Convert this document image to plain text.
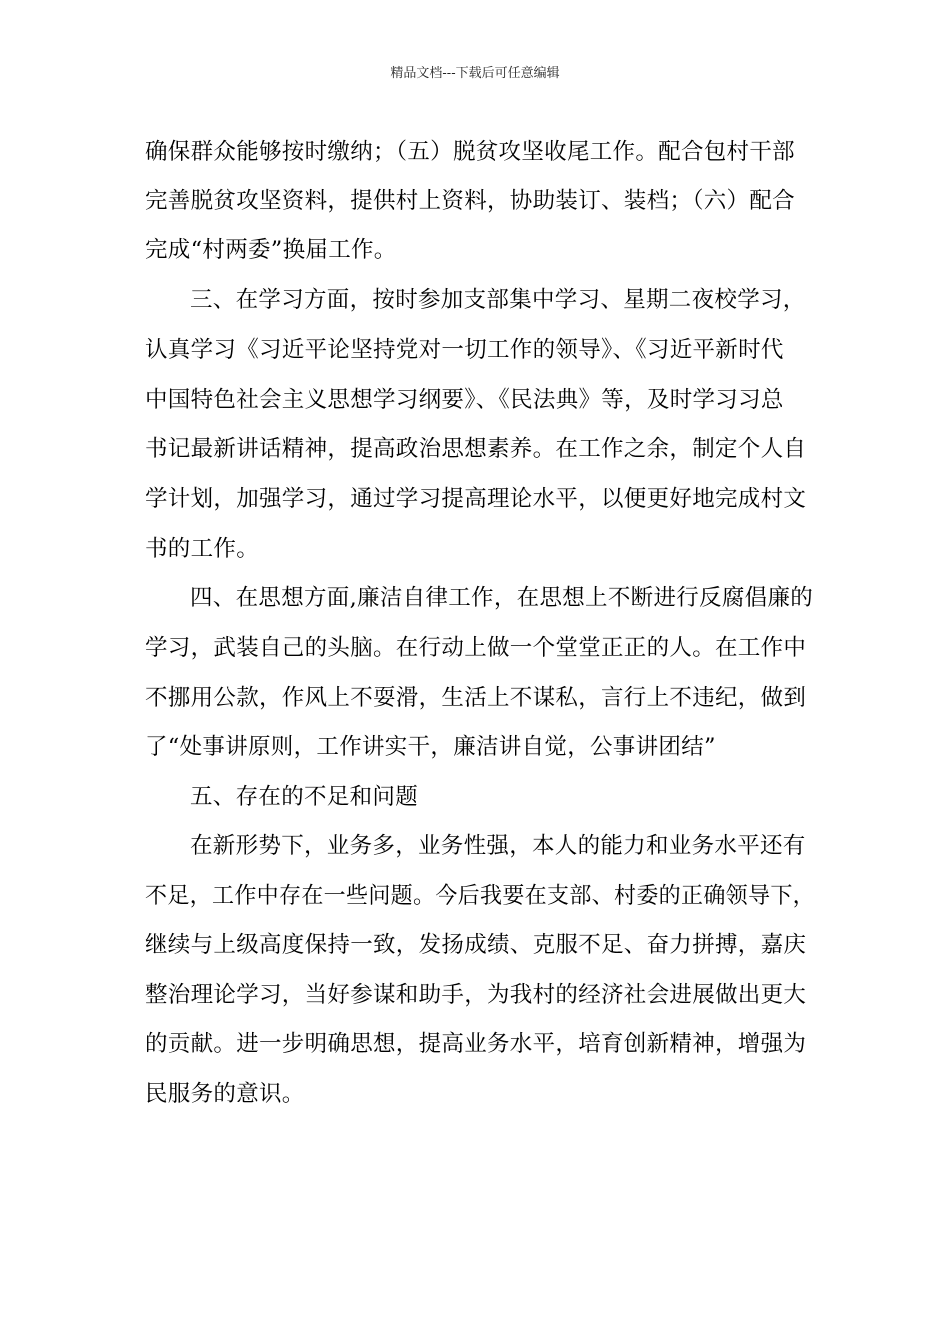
精品文档---下载后可任意编辑
确保群众能够按时缴纳；（五）脱贫攻坚收尾工作。配合包村干部
完善脱贫攻坚资料，提供村上资料，协助装订、装档；（六）配合
完成“村两委”换届工作。
三、在学习方面，按时参加支部集中学习、星期二夜校学习，
认真学习《习近平论坚持党对一切工作的领导》、《习近平新时代
中国特色社会主义思想学习纲要》、《民法典》等，及时学习习总
书记最新讲话精神，提高政治思想素养。在工作之余，制定个人自
学计划，加强学习，通过学习提高理论水平，以便更好地完成村文
书的工作。
四、在思想方面,廉洁自律工作，在思想上不断进行反腐倡廉的
学习，武装自己的头脑。在行动上做一个堂堂正正的人。在工作中
不挪用公款，作风上不耍滑，生活上不谋私，言行上不违纪，做到
了“处事讲原则，工作讲实干，廉洁讲自觉，公事讲团结”
五、存在的不足和问题
在新形势下，业务多，业务性强，本人的能力和业务水平还有
不足，工作中存在一些问题。今后我要在支部、村委的正确领导下，
继续与上级高度保持一致，发扬成绩、克服不足、奋力拼搏，嘉庆
整治理论学习，当好参谋和助手，为我村的经济社会进展做出更大
的贡献。进一步明确思想，提高业务水平，培育创新精神，增强为
民服务的意识。
